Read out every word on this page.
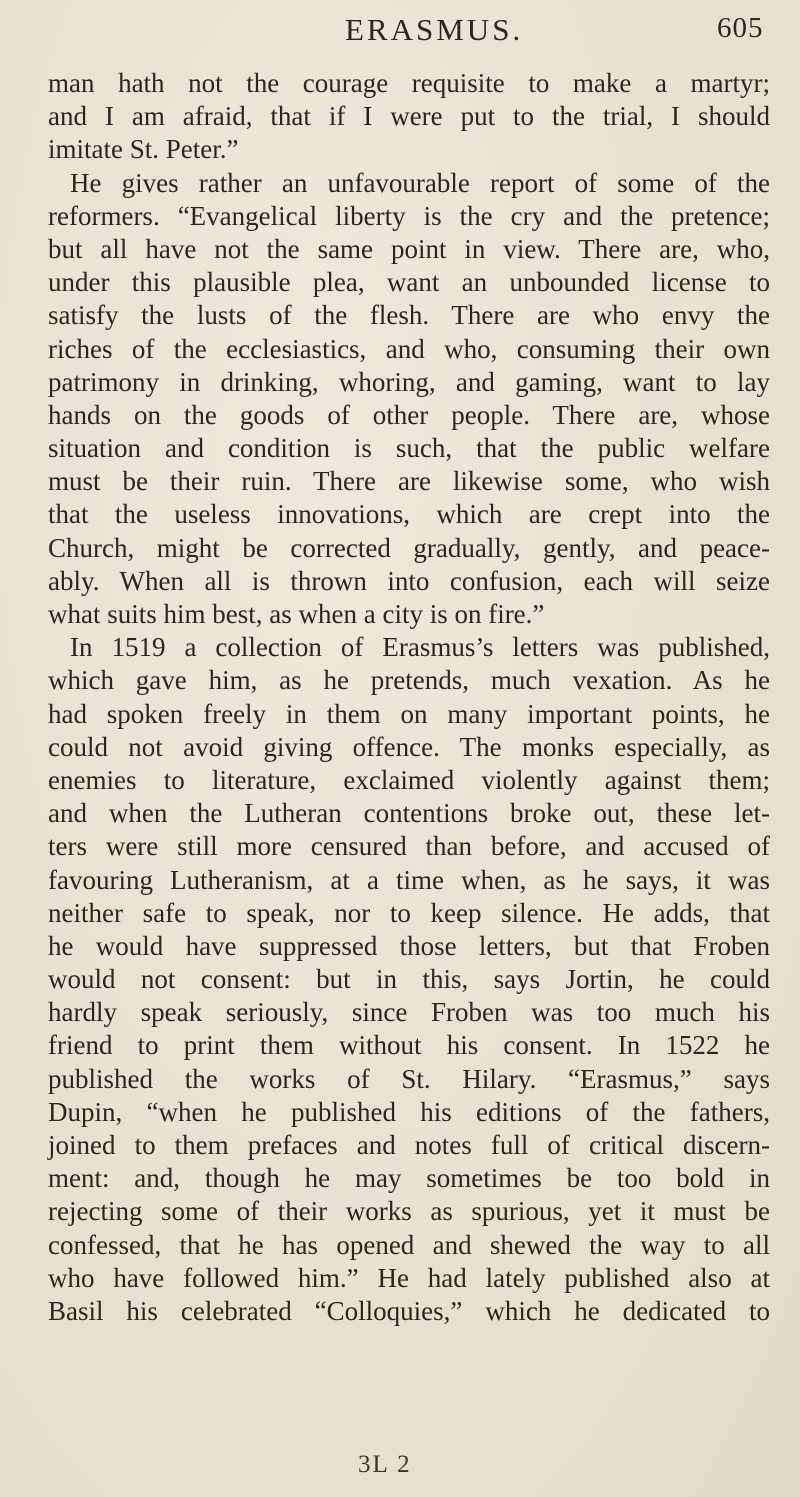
ERASMUS.	605
man hath not the courage requisite to make a martyr;
and I am afraid, that if I were put to the trial, I should
imitate St. Peter.”
He gives rather an unfavourable report of some of the
reformers. “Evangelical liberty is the cry and the pretence;
but all have not the same point in view. There are, who,
under this plausible plea, want an unbounded license to
satisfy the lusts of the flesh. There are who envy the
riches of the ecclesiastics, and who, consuming their own
patrimony in drinking, whoring, and gaming, want to lay
hands on the goods of other people. There are, whose
situation and condition is such, that the public welfare
must be their ruin. There are likewise some, who wish
that the useless innovations, which are crept into the
Church, might be corrected gradually, gently, and peace-
ably. When all is thrown into confusion, each will seize
what suits him best, as when a city is on fire.”
In 1519 a collection of Erasmus’s letters was published,
which gave him, as he pretends, much vexation. As he
had spoken freely in them on many important points, he
could not avoid giving offence. The monks especially, as
enemies to literature, exclaimed violently against them;
and when the Lutheran contentions broke out, these let-
ters were still more censured than before, and accused of
favouring Lutheranism, at a time when, as he says, it was
neither safe to speak, nor to keep silence. He adds, that
he would have suppressed those letters, but that Froben
would not consent: but in this, says Jortin, he could
hardly speak seriously, since Froben was too much his
friend to print them without his consent. In 1522 he
published the works of St. Hilary. “Erasmus,” says
Dupin, “when he published his editions of the fathers,
joined to them prefaces and notes full of critical discern-
ment: and, though he may sometimes be too bold in
rejecting some of their works as spurious, yet it must be
confessed, that he has opened and shewed the way to all
who have followed him.” He had lately published also at
Basil his celebrated “Colloquies,” which he dedicated to
3L 2
